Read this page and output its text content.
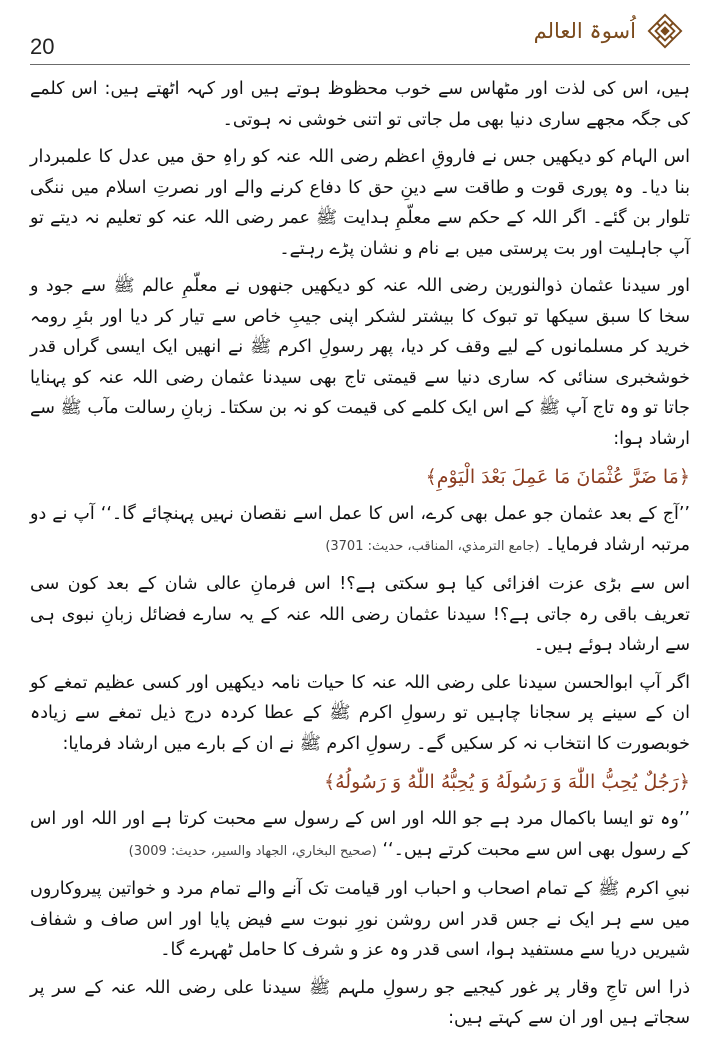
20
اُسوۃ العالم

ہیں، اس کی لذت اور مٹھاس سے خوب محظوظ ہوتے ہیں اور کہہ اٹھتے ہیں: اس کلمے کی جگہ مجھے ساری دنیا بھی مل جاتی تو اتنی خوشی نہ ہوتی۔

اس الہام کو دیکھیں جس نے فاروقِ اعظم رضی اللہ عنہ کو راہِ حق میں عدل کا علمبردار بنا دیا۔ وہ پوری قوت و طاقت سے دینِ حق کا دفاع کرنے والے اور نصرتِ اسلام میں ننگی تلوار بن گئے۔ اگر اللہ کے حکم سے معلّمِ ہدایت ﷺ عمر رضی اللہ عنہ کو تعلیم نہ دیتے تو آپ جاہلیت اور بت پرستی میں بے نام و نشان پڑے رہتے۔

اور سیدنا عثمان ذوالنورین رضی اللہ عنہ کو دیکھیں جنھوں نے معلّمِ عالم ﷺ سے جود و سخا کا سبق سیکھا تو تبوک کا بیشتر لشکر اپنی جیبِ خاص سے تیار کر دیا اور بئرِ رومہ خرید کر مسلمانوں کے لیے وقف کر دیا، پھر رسولِ اکرم ﷺ نے انھیں ایک ایسی گراں قدر خوشخبری سنائی کہ ساری دنیا سے قیمتی تاج بھی سیدنا عثمان رضی اللہ عنہ کو پہنایا جاتا تو وہ تاج آپ ﷺ کے اس ایک کلمے کی قیمت کو نہ بن سکتا۔ زبانِ رسالت مآب ﷺ سے ارشاد ہوا:

﴿مَا ضَرَّ عُثْمَانَ مَا عَمِلَ بَعْدَ الْيَوْمِ﴾

’’آج کے بعد عثمان جو عمل بھی کرے، اس کا عمل اسے نقصان نہیں پہنچائے گا۔‘‘ آپ نے دو مرتبہ ارشاد فرمایا۔ (جامع الترمذي، المناقب، حديث: 3701)

اس سے بڑی عزت افزائی کیا ہو سکتی ہے؟! اس فرمانِ عالی شان کے بعد کون سی تعریف باقی رہ جاتی ہے؟! سیدنا عثمان رضی اللہ عنہ کے یہ سارے فضائل زبانِ نبوی ہی سے ارشاد ہوئے ہیں۔

اگر آپ ابوالحسن سیدنا علی رضی اللہ عنہ کا حیات نامہ دیکھیں اور کسی عظیم تمغے کو ان کے سینے پر سجانا چاہیں تو رسولِ اکرم ﷺ کے عطا کردہ درج ذیل تمغے سے زیادہ خوبصورت کا انتخاب نہ کر سکیں گے۔ رسولِ اکرم ﷺ نے ان کے بارے میں ارشاد فرمایا:

﴿رَجُلٌ يُحِبُّ اللّٰهَ وَ رَسُولَهُ وَ يُحِبُّهُ اللّٰهُ وَ رَسُولُهُ﴾

’’وہ تو ایسا باکمال مرد ہے جو اللہ اور اس کے رسول سے محبت کرتا ہے اور اللہ اور اس کے رسول بھی اس سے محبت کرتے ہیں۔‘‘ (صحيح البخاري، الجهاد والسير، حديث: 3009)

نبیِ اکرم ﷺ کے تمام اصحاب و احباب اور قیامت تک آنے والے تمام مرد و خواتین پیروکاروں میں سے ہر ایک نے جس قدر اس روشن نورِ نبوت سے فیض پایا اور اس صاف و شفاف شیریں دریا سے مستفید ہوا، اسی قدر وہ عز و شرف کا حامل ٹھہرے گا۔

ذرا اس تاجِ وقار پر غور کیجیے جو رسولِ ملہم ﷺ سیدنا علی رضی اللہ عنہ کے سر پر سجاتے ہیں اور ان سے کہتے ہیں:
